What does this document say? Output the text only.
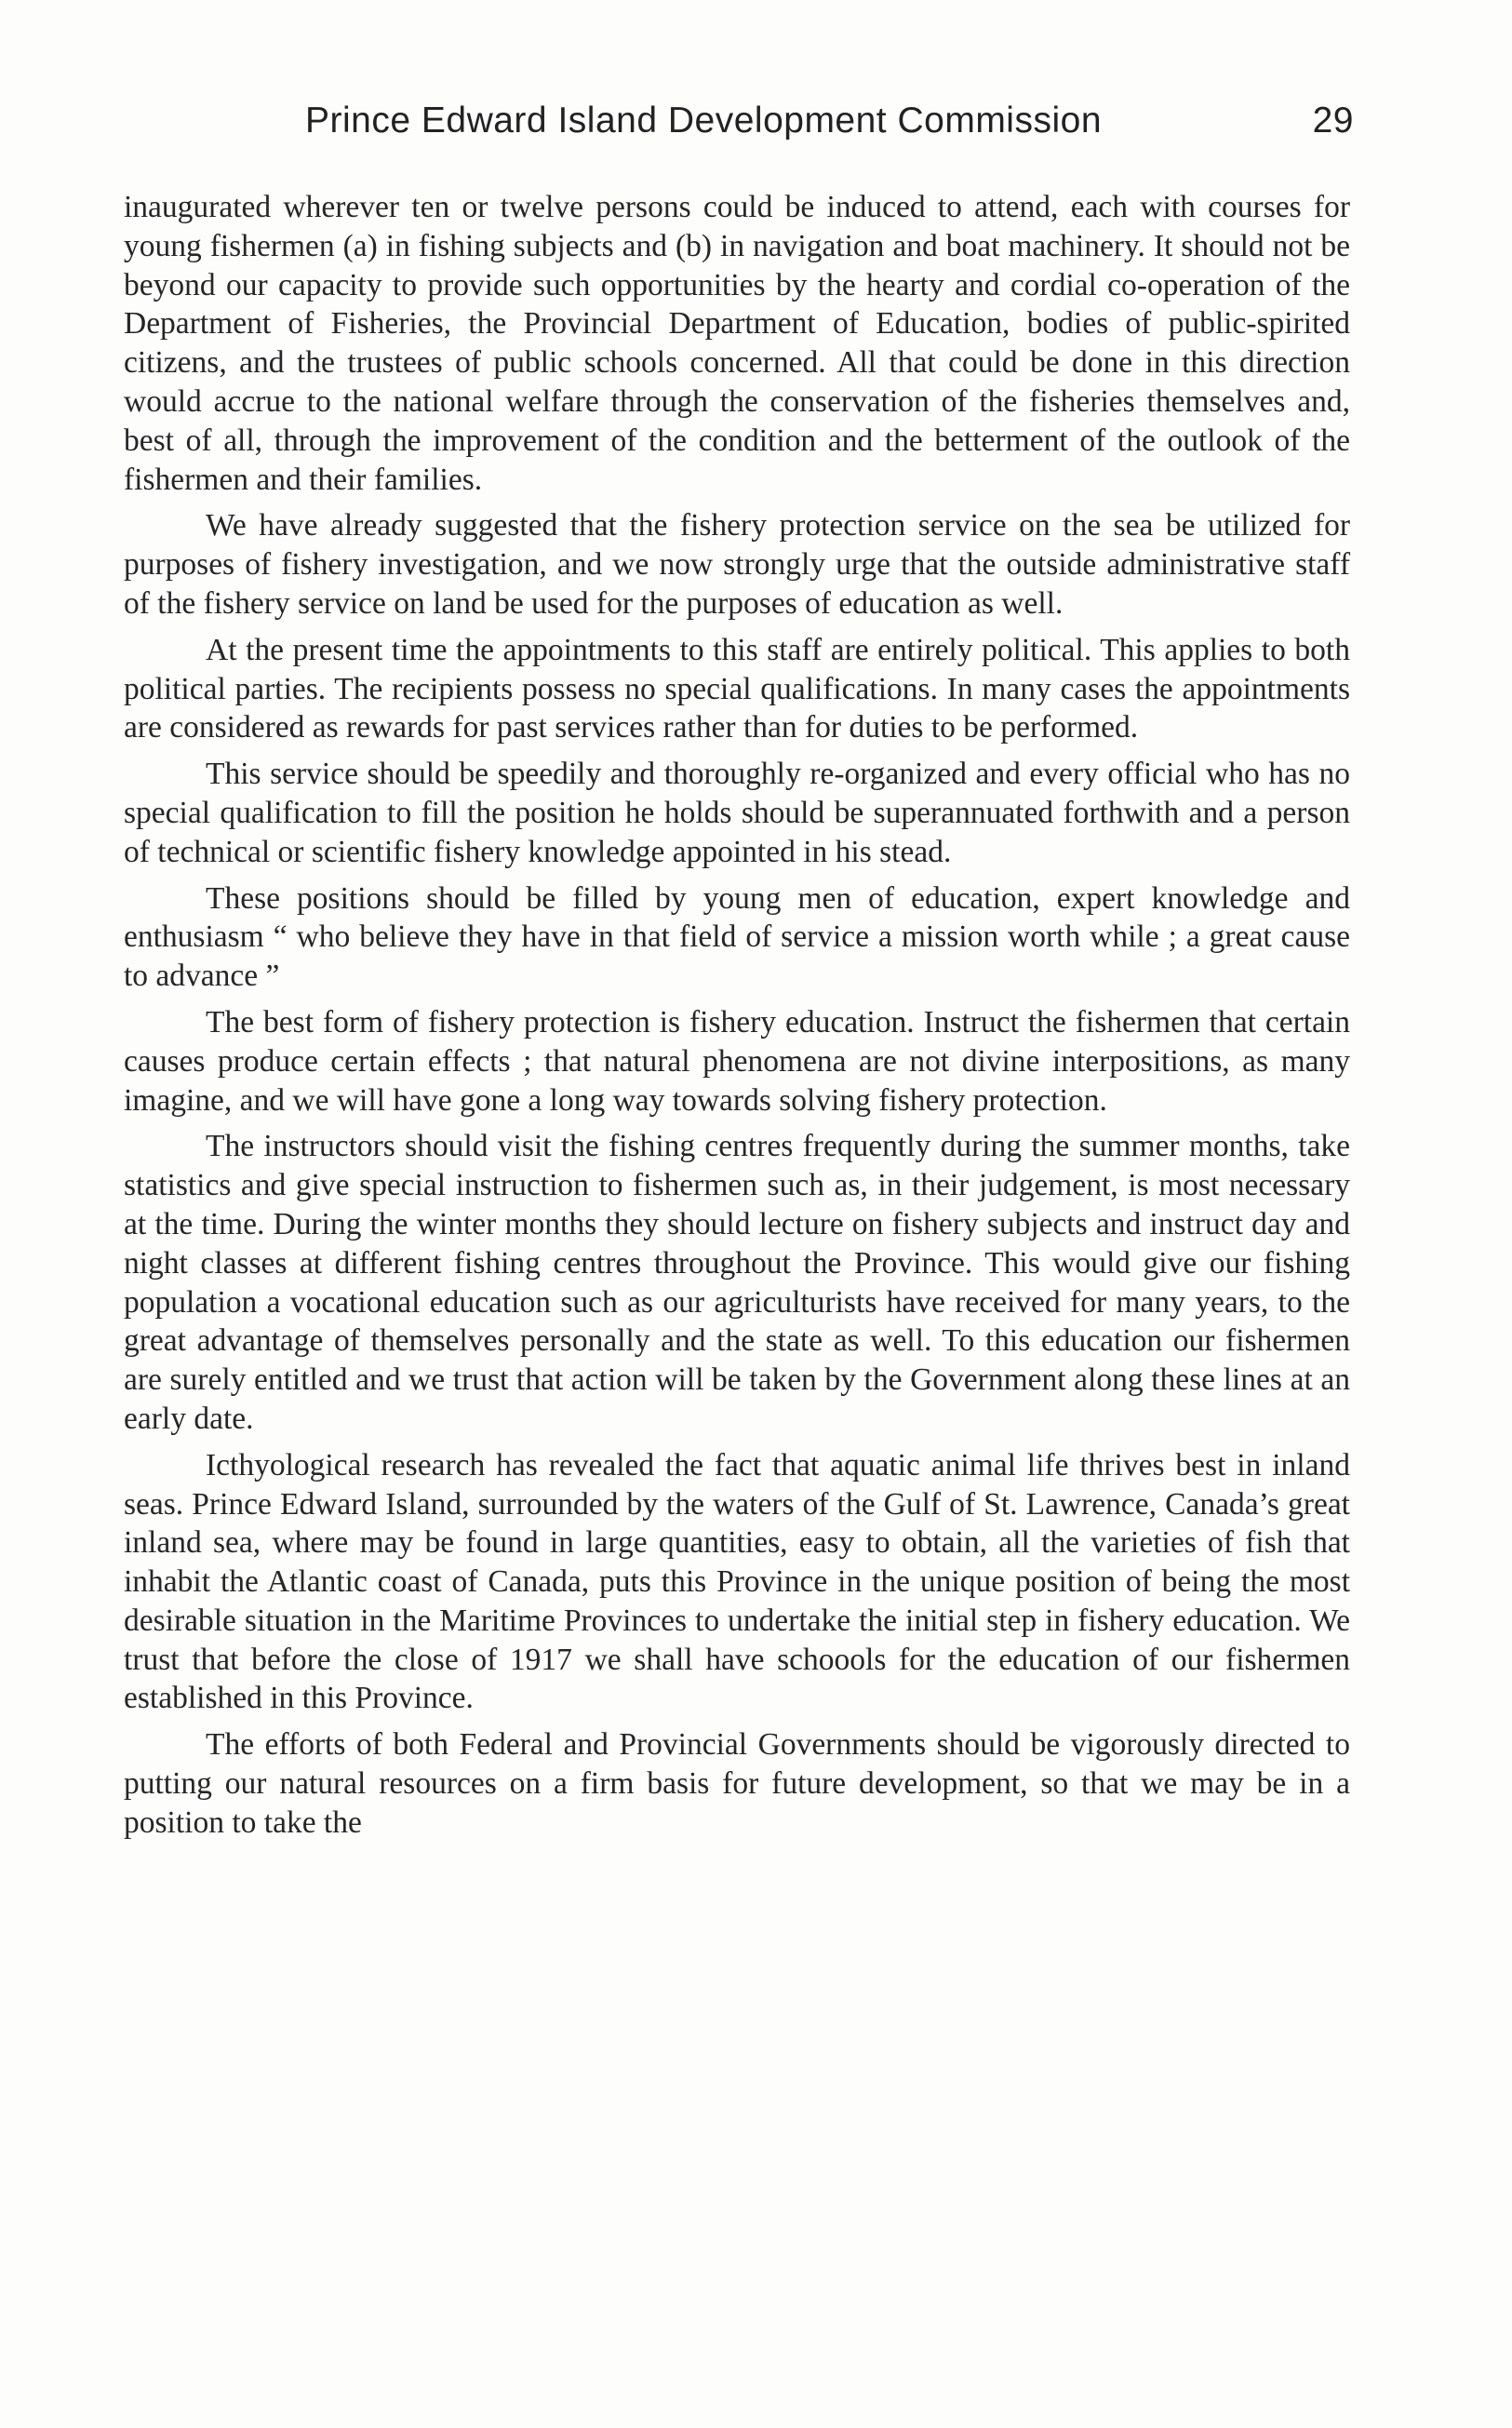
Prince Edward Island Development Commission	29

inaugurated wherever ten or twelve persons could be induced to attend, each with courses for young fishermen (a) in fishing subjects and (b) in navigation and boat machinery. It should not be beyond our capacity to provide such opportunities by the hearty and cordial co-operation of the Department of Fisheries, the Provincial Department of Education, bodies of public-spirited citizens, and the trustees of public schools concerned. All that could be done in this direction would accrue to the national welfare through the conservation of the fisheries themselves and, best of all, through the improvement of the condition and the betterment of the outlook of the fishermen and their families.

We have already suggested that the fishery protection service on the sea be utilized for purposes of fishery investigation, and we now strongly urge that the outside administrative staff of the fishery service on land be used for the purposes of education as well.

At the present time the appointments to this staff are entirely political. This applies to both political parties. The recipients possess no special qualifications. In many cases the appointments are considered as rewards for past services rather than for duties to be performed.

This service should be speedily and thoroughly re-organized and every official who has no special qualification to fill the position he holds should be superannuated forthwith and a person of technical or scientific fishery knowledge appointed in his stead.

These positions should be filled by young men of education, expert knowledge and enthusiasm “ who believe they have in that field of service a mission worth while ; a great cause to advance ”

The best form of fishery protection is fishery education. Instruct the fishermen that certain causes produce certain effects ; that natural phenomena are not divine interpositions, as many imagine, and we will have gone a long way towards solving fishery protection.

The instructors should visit the fishing centres frequently during the summer months, take statistics and give special instruction to fishermen such as, in their judgement, is most necessary at the time. During the winter months they should lecture on fishery subjects and instruct day and night classes at different fishing centres throughout the Province. This would give our fishing population a vocational education such as our agriculturists have received for many years, to the great advantage of themselves personally and the state as well. To this education our fishermen are surely entitled and we trust that action will be taken by the Government along these lines at an early date.

Icthyological research has revealed the fact that aquatic animal life thrives best in inland seas. Prince Edward Island, surrounded by the waters of the Gulf of St. Lawrence, Canada’s great inland sea, where may be found in large quantities, easy to obtain, all the varieties of fish that inhabit the Atlantic coast of Canada, puts this Province in the unique position of being the most desirable situation in the Maritime Provinces to undertake the initial step in fishery education. We trust that before the close of 1917 we shall have schoools for the education of our fishermen established in this Province.

The efforts of both Federal and Provincial Governments should be vigorously directed to putting our natural resources on a firm basis for future development, so that we may be in a position to take the
